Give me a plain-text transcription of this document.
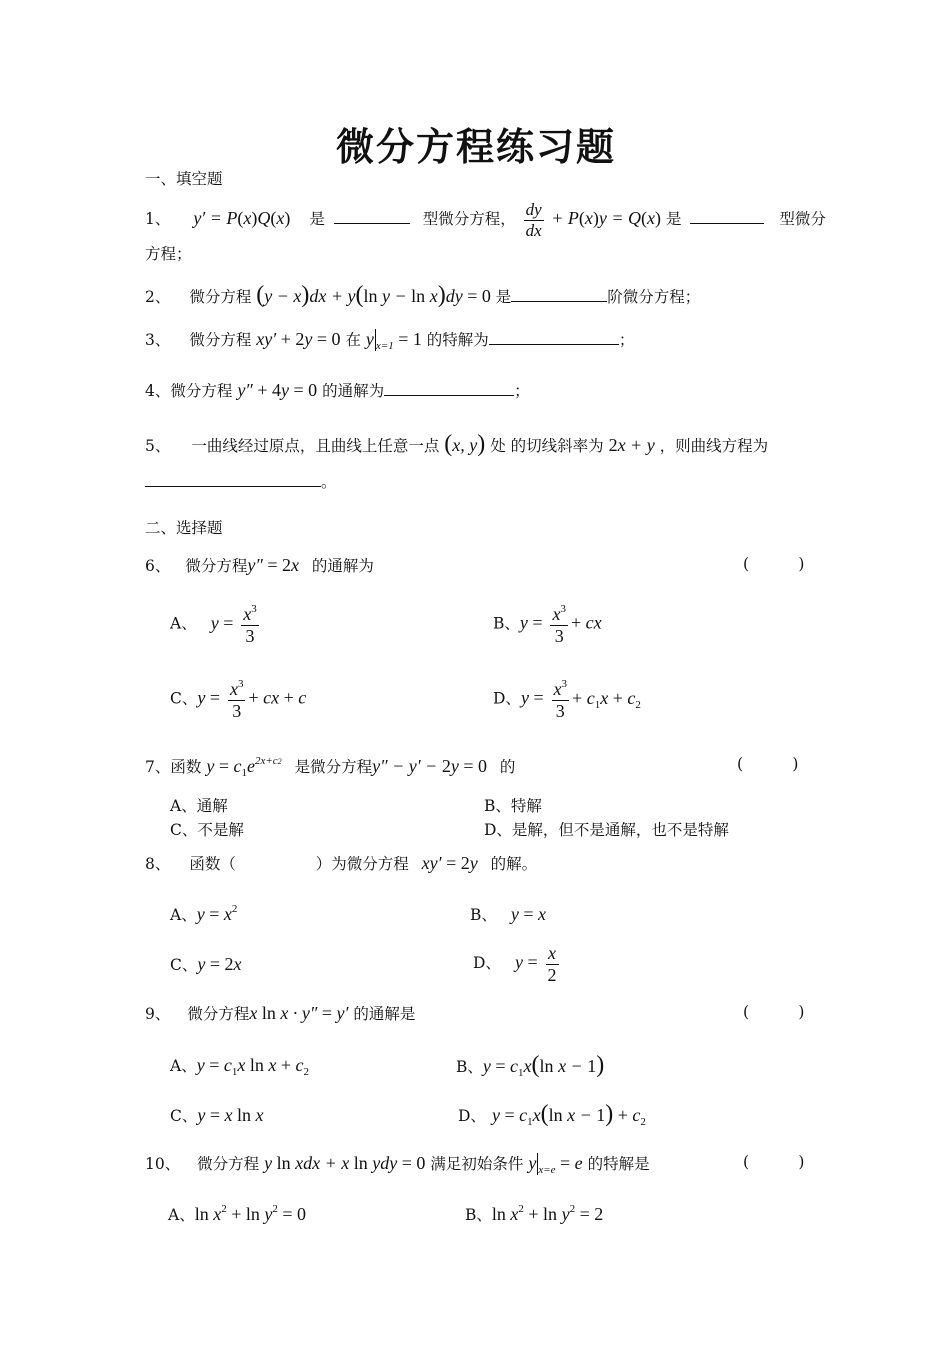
微分方程练习题
一、填空题
1、 y′ = P(x)Q(x) 是	型微分方程， $\frac{dy}{dx} + P(x)y = Q(x)$ 是	型微分
方程；
2、 微分方程 (y − x)dx + y(ln y − ln x)dy = 0 是	阶微分方程；
3、 微分方程 xy′ + 2y = 0 在 y $_{x=1}$ = 1 的特解为	；
4、微分方程 y″ + 4y = 0 的通解为	；
5、 一曲线经过原点，且曲线上任意一点 (x, y) 处 的切线斜率为 2x + y ，则曲线方程为
。
二、选择题
6、 微分方程y″ = 2x 的通解为	(          )
A、 $y = \frac{x^3}{3}$	B、$y = \frac{x^3}{3}$ + cx
C、$y = \frac{x^3}{3}$ + cx + c	D、$y = \frac{x^3}{3} + c_1x + c_2$
7、函数 $y = c_1e^{2x+c2}$ 是微分方程y″ − y′ − 2y = 0 的	(          )
A、通解	B、特解
C、不是解	D、是解，但不是通解，也不是特解
8、 函数（	）为微分方程 xy′ = 2y 的解。
A、$y = x^2$	B、 y = x
C、y = 2x	D、 $y = \frac{x}{2}$
9、 微分方程x ln x · y″ = y′ 的通解是	(          )
A、$y = c_1x$ $\ln x + c_2$	B、$y = c_1x(\ln$ x − 1)
C、y = x ln x	D、 $y = c_1x(\ln$ $x - 1) + c_2$
10、 微分方程 y ln xdx + x ln ydy = 0 满足初始条件 y $_{x=e}$ = e 的特解是	(          )
A、$\ln x^2 + \ln y^2 = 0$	B、$\ln x^2 + \ln y^2 = 2$
